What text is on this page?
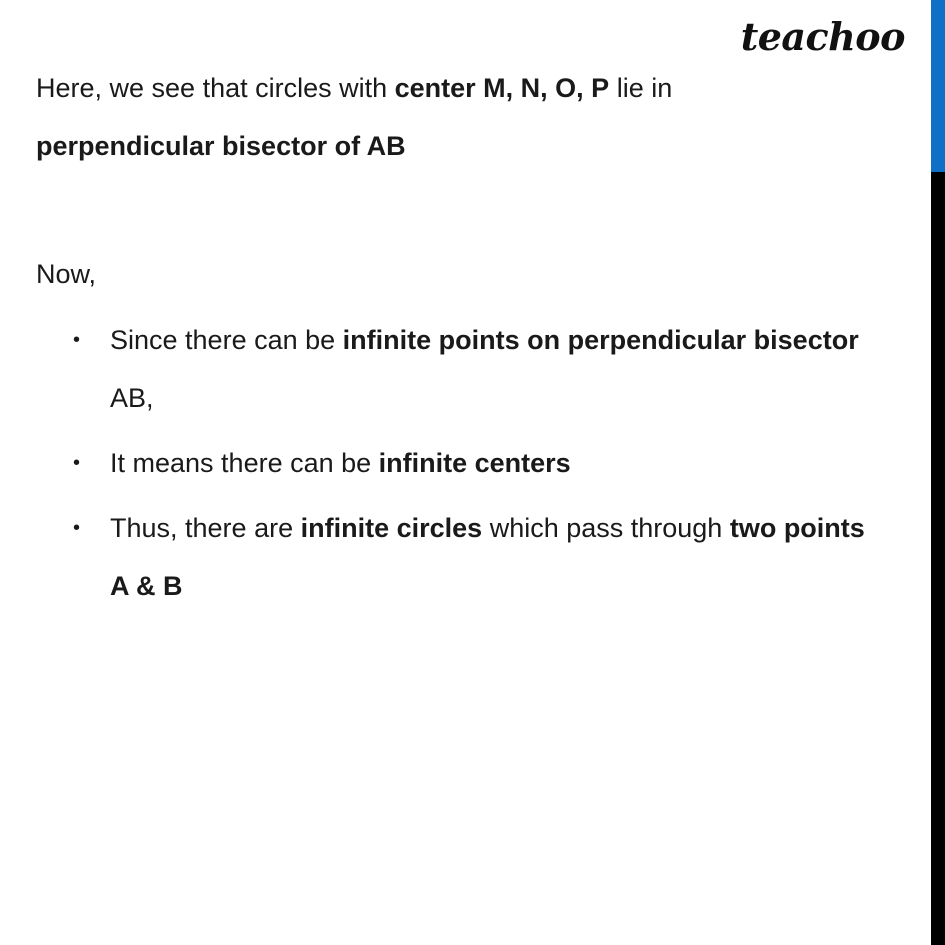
teachoo
Here, we see that circles with center M, N, O, P lie in
perpendicular bisector of AB
Now,
• Since there can be infinite points on perpendicular bisector
AB,
• It means there can be infinite centers
• Thus, there are infinite circles which pass through two points
A & B
